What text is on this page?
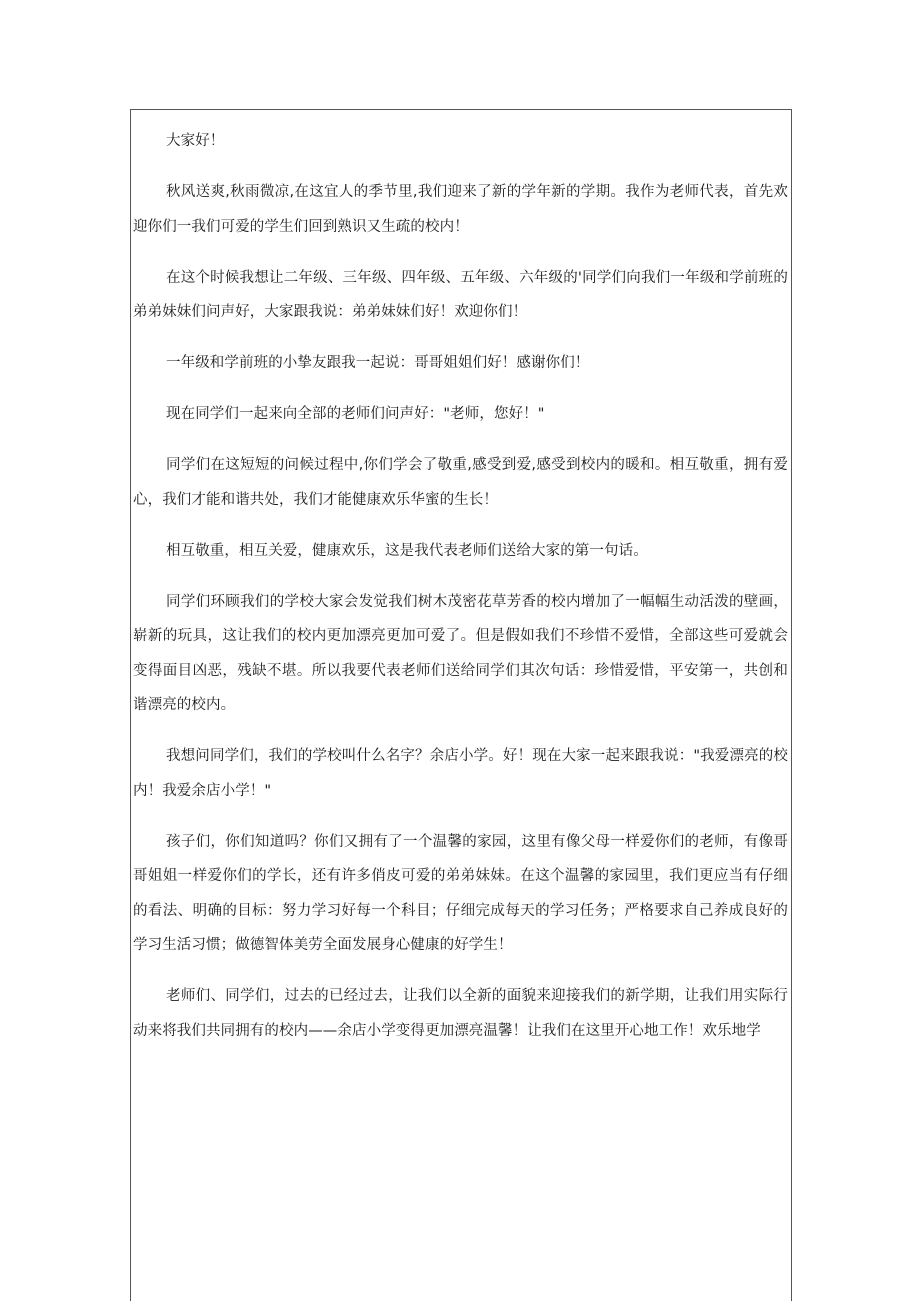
大家好！

秋风送爽,秋雨微凉,在这宜人的季节里,我们迎来了新的学年新的学期。我作为老师代表，首先欢迎你们一我们可爱的学生们回到熟识又生疏的校内！

在这个时候我想让二年级、三年级、四年级、五年级、六年级的'同学们向我们一年级和学前班的弟弟妹妹们问声好，大家跟我说：弟弟妹妹们好！欢迎你们！

一年级和学前班的小挚友跟我一起说：哥哥姐姐们好！感谢你们！

现在同学们一起来向全部的老师们问声好："老师，您好！"

同学们在这短短的问候过程中,你们学会了敬重,感受到爱,感受到校内的暖和。相互敬重，拥有爱心，我们才能和谐共处，我们才能健康欢乐华蜜的生长！

相互敬重，相互关爱，健康欢乐，这是我代表老师们送给大家的第一句话。

同学们环顾我们的学校大家会发觉我们树木茂密花草芳香的校内增加了一幅幅生动活泼的壁画，崭新的玩具，这让我们的校内更加漂亮更加可爱了。但是假如我们不珍惜不爱惜，全部这些可爱就会变得面目凶恶，残缺不堪。所以我要代表老师们送给同学们其次句话：珍惜爱惜，平安第一，共创和谐漂亮的校内。

我想问同学们，我们的学校叫什么名字？余店小学。好！现在大家一起来跟我说："我爱漂亮的校内！我爱余店小学！"

孩子们，你们知道吗？你们又拥有了一个温馨的家园，这里有像父母一样爱你们的老师，有像哥哥姐姐一样爱你们的学长，还有许多俏皮可爱的弟弟妹妹。在这个温馨的家园里，我们更应当有仔细的看法、明确的目标：努力学习好每一个科目；仔细完成每天的学习任务；严格要求自己养成良好的学习生活习惯；做德智体美劳全面发展身心健康的好学生！

老师们、同学们，过去的已经过去，让我们以全新的面貌来迎接我们的新学期，让我们用实际行动来将我们共同拥有的校内——余店小学变得更加漂亮温馨！让我们在这里开心地工作！欢乐地学
